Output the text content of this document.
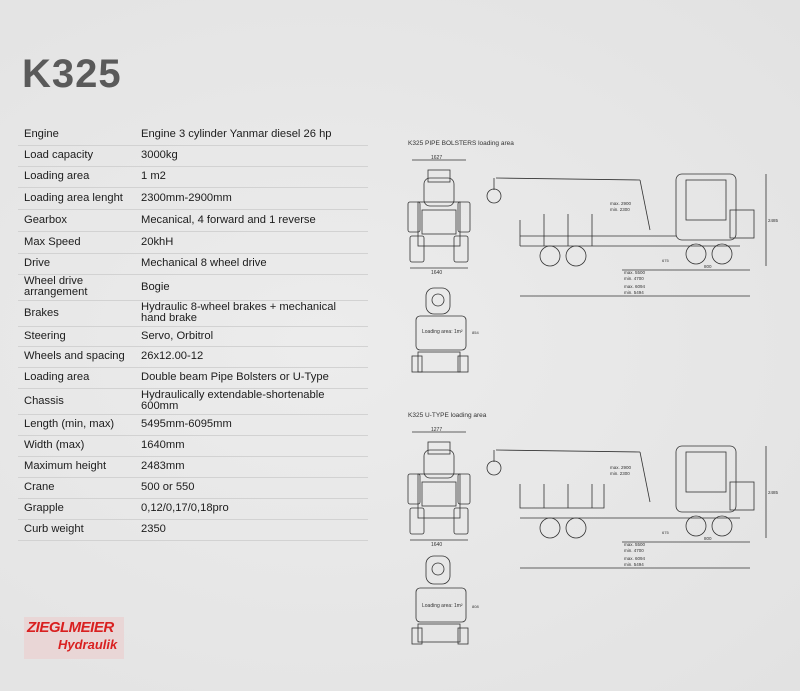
K325
Engine	Engine 3 cylinder Yanmar diesel 26 hp
Load capacity	3000kg
Loading area	1 m2
Loading area lenght	2300mm-2900mm
Gearbox	Mecanical, 4 forward and 1 reverse
Max Speed	20khH
Drive	Mechanical 8 wheel drive
Wheel drive arrangement	Bogie
Brakes	Hydraulic 8-wheel brakes + mechanical hand brake
Steering	Servo, Orbitrol
Wheels and spacing	26x12.00-12
Loading area	Double beam Pipe Bolsters or U-Type
Chassis	Hydraulically extendable-shortenable 600mm
Length (min, max)	5495mm-6095mm
Width (max)	1640mm
Maximum height	2483mm
Crane	500 or 550
Grapple	0,12/0,17/0,18pro
Curb weight	2350
K325 PIPE BOLSTERS loading area
1627
1640
Loading area: 1m² 854
max. 2900
min. 2300
max. 5500
min. 4700
max. 6094
min. 5494
800
2485
675
K325 U-TYPE loading area
1277
1640
Loading area: 1m² 808
max. 2900
min. 2300
max. 5500
min. 4700
max. 6094
min. 5494
800
2485
675
ZIEGLMEIER
Hydraulik
